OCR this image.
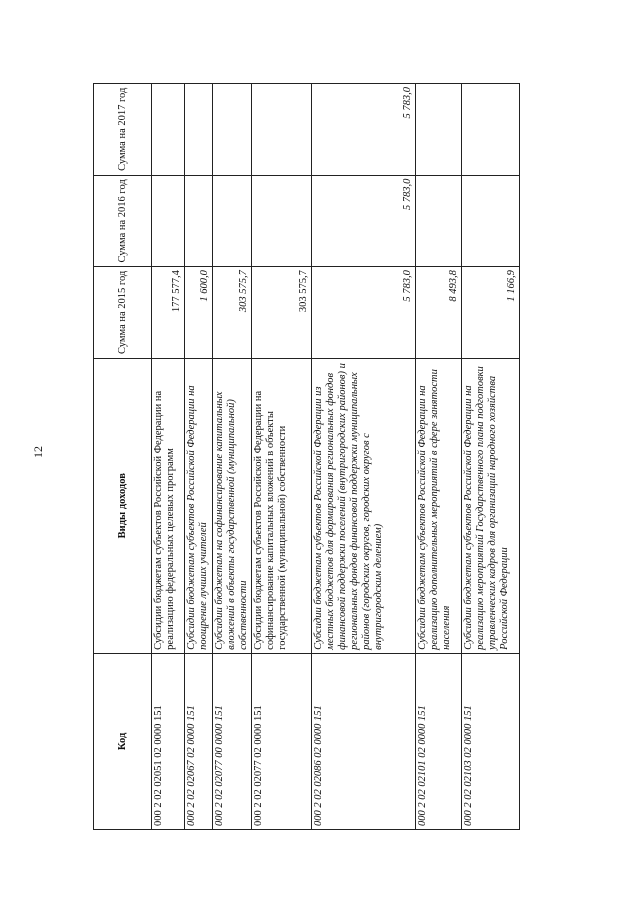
12
Код	Виды доходов	Сумма на 2015 год	Сумма на 2016 год	Сумма на 2017 год
000 2 02 02051 02 0000 151	Субсидии бюджетам субъектов Российской Федерации на реализацию федеральных целевых программ	177 577,4		
000 2 02 02067 02 0000 151	Субсидии бюджетам субъектов Российской Федерации на поощрение лучших учителей	1 600,0		
000 2 02 02077 00 0000 151	Субсидии бюджетам на софинансирование капитальных вложений в объекты государственной (муниципальной) собственности	303 575,7		
000 2 02 02077 02 0000 151	Субсидии бюджетам субъектов Российской Федерации на софинансирование капитальных вложений в объекты государственной (муниципальной) собственности	303 575,7		
000 2 02 02086 02 0000 151	Субсидии бюджетам субъектов Российской Федерации из местных бюджетов для формирования региональных фондов финансовой поддержки поселений (внутригородских районов) и региональных фондов финансовой поддержки муниципальных районов (городских округов, городских округов с внутригородским делением)	5 783,0	5 783,0	5 783,0
000 2 02 02101 02 0000 151	Субсидии бюджетам субъектов Российской Федерации на реализацию дополнительных мероприятий в сфере занятости населения	8 493,8		
000 2 02 02103 02 0000 151	Субсидии бюджетам субъектов Российской Федерации на реализацию мероприятий Государственного плана подготовки управленческих кадров для организаций народного хозяйства Российской Федерации	1 166,9		
